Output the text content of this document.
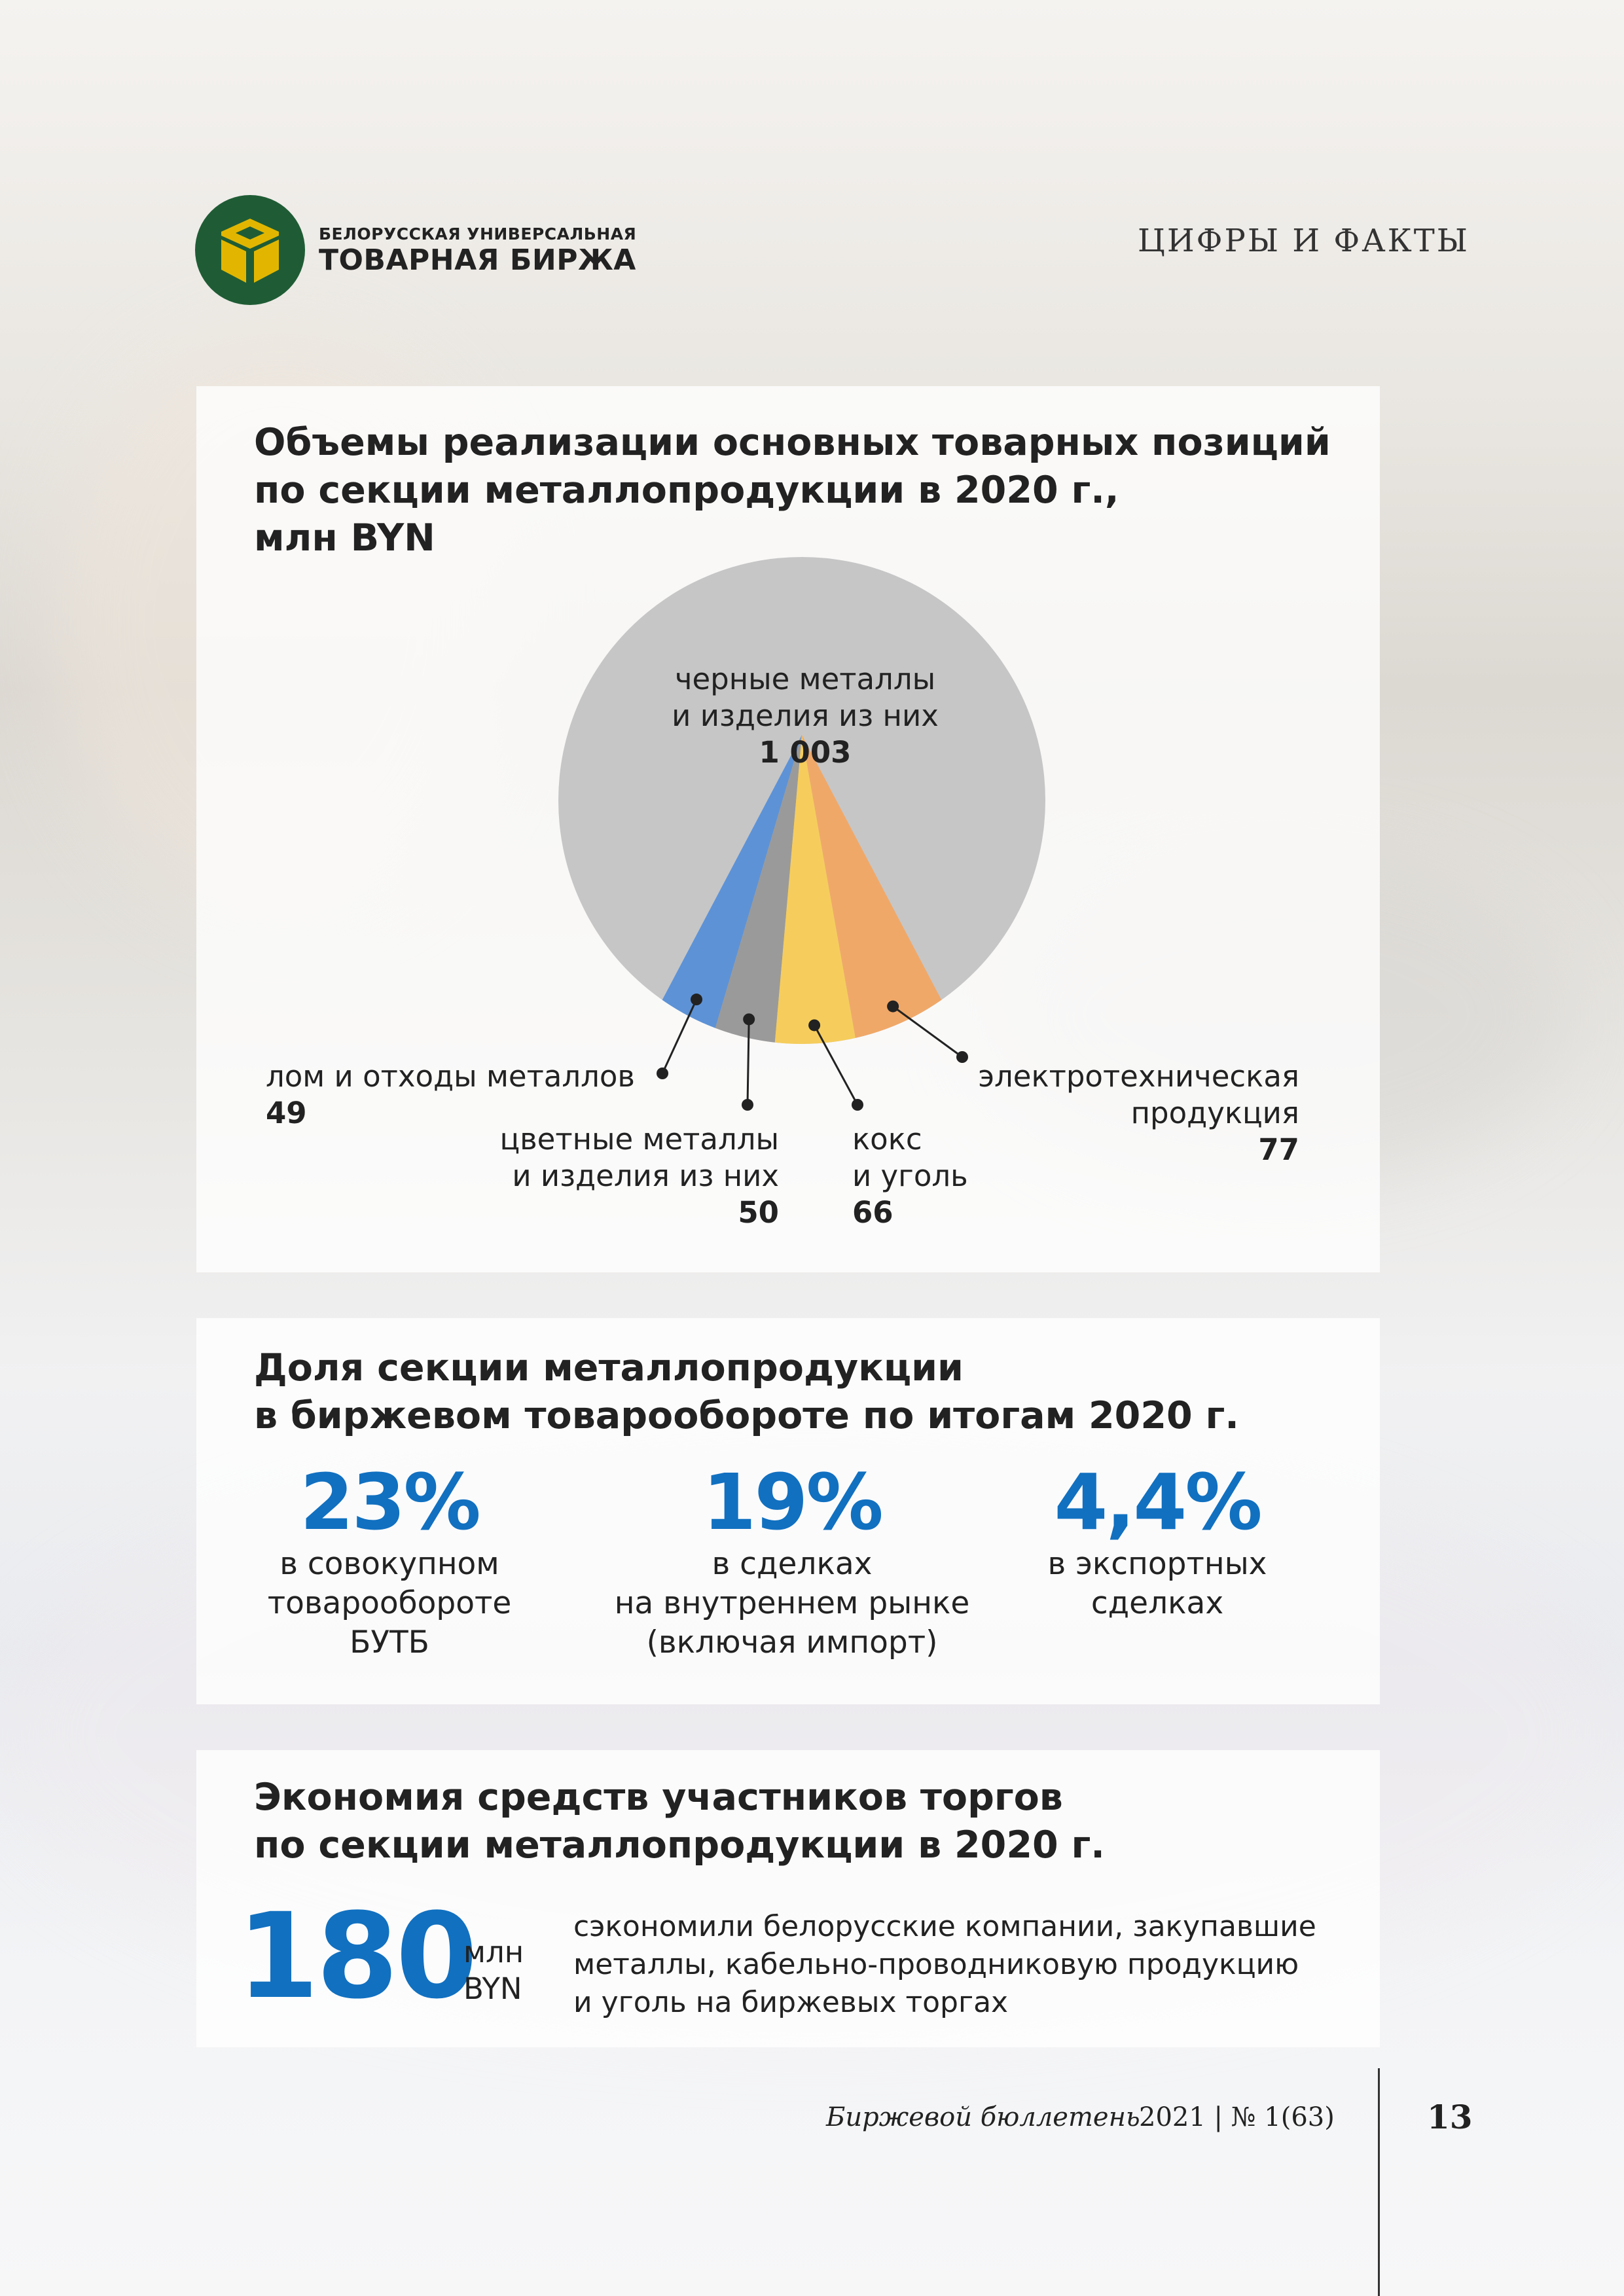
БЕЛОРУССКАЯ УНИВЕРСАЛЬНАЯ
ТОВАРНАЯ БИРЖА
ЦИФРЫ И ФАКТЫ
Объемы реализации основных товарных позиций
по секции металлопродукции в 2020 г.,
млн BYN
черные металлы
и изделия из них
1 003
лом и отходы металлов
49
цветные металлы
и изделия из них
50
кокс
и уголь
66
электротехническая
продукция
77
Доля секции металлопродукции
в биржевом товарообороте по итогам 2020 г.
23%
в совокупном
товарообороте
БУТБ
19%
в сделках
на внутреннем рынке
(включая импорт)
4,4%
в экспортных
сделках
Экономия средств участников торгов
по секции металлопродукции в 2020 г.
180
млн
BYN
сэкономили белорусские компании, закупавшие
металлы, кабельно-проводниковую продукцию
и уголь на биржевых торгах
Биржевой бюллетень
2021 | № 1(63)	13
